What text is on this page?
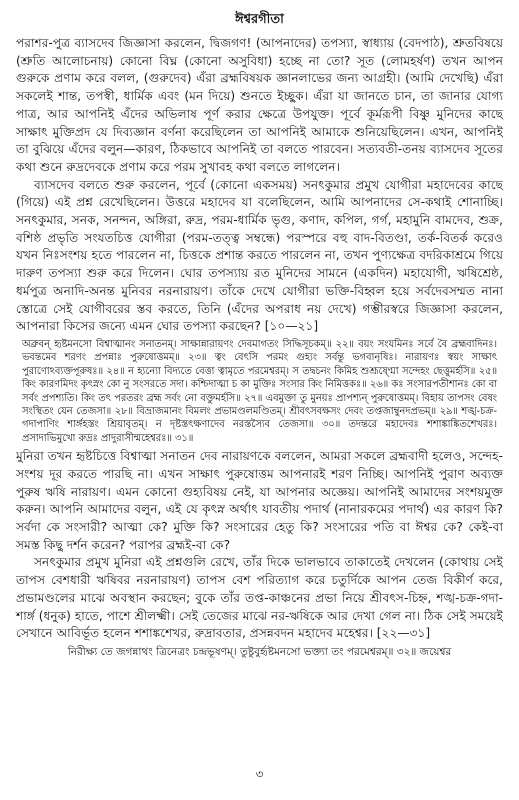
ঈশ্বরগীতা

পরাশর-পুত্র ব্যাসদেব জিজ্ঞাসা করলেন, দ্বিজগণ! (আপনাদের) তপস্যা, স্বাধ্যায় (বেদপাঠ), শ্রুতবিষয়ে (শ্রুতি আলোচনায়) কোনো বিঘ্ন (কোনো অসুবিধা) হচ্ছে না তো? সূত (লোমহর্ষণ) তখন আপন গুরুকে প্রণাম করে বলল, (গুরুদেব) এঁরা ব্রহ্মবিষয়ক জ্ঞানলাভের জন্য আগ্রহী। (আমি দেখেছি) এঁরা সকলেই শান্ত, তপস্বী, ধার্মিক এবং (মন দিয়ে) শুনতে ইচ্ছুক। এঁরা যা জানতে চান, তা জানার যোগ্য পাত্র, আর আপনিই এঁদের অভিলাষ পূর্ণ করার ক্ষেত্রে উপযুক্ত। পূর্বে কূর্মরূপী বিষ্ণু মুনিদের কাছে সাক্ষাৎ মুক্তিপ্রদ যে দিব্যজ্ঞান বর্ণনা করেছিলেন তা আপনিই আমাকে শুনিয়েছিলেন। এখন, আপনিই তা বুঝিয়ে এঁদের বলুন—কারণ, ঠিকভাবে আপনিই তা বলতে পারবেন। সত্যবতী-তনয় ব্যাসদেব সূতের কথা শুনে রুদ্রদেবকে প্রণাম করে পরম সুখাবহ কথা বলতে লাগলেন।

ব্যাসদেব বলতে শুরু করলেন, পূর্বে (কোনো একসময়) সনৎকুমার প্রমুখ যোগীরা মহাদেবের কাছে (গিয়ে) এই প্রশ্ন রেখেছিলেন। উত্তরে মহাদেব যা বলেছিলেন, আমি আপনাদের সে-কথাই শোনাচ্ছি। সনৎকুমার, সনক, সনন্দন, অঙ্গিরা, রুদ্র, পরম-ধার্মিক ভৃগু, কণাদ, কপিল, গর্গ, মহামুনি বামদেব, শুক্র, বশিষ্ঠ প্রভৃতি সংযতচিত্ত যোগীরা (পরম-তত্ত্ব সম্বন্ধে) পরস্পরে বহু বাদ-বিতণ্ডা, তর্ক-বিতর্ক করেও যখন নিঃসংশয় হতে পারলেন না, চিত্তকে প্রশান্ত করতে পারলেন না, তখন পুণ্যক্ষেত্র বদরিকাশ্রমে গিয়ে দারুণ তপস্যা শুরু করে দিলেন। ঘোর তপস্যায় রত মুনিদের সামনে (একদিন) মহাযোগী, ঋষিশ্রেষ্ঠ, ধর্মপুত্র অনাদি-অনন্ত মুনিবর নরনারায়ণ। তাঁকে দেখে যোগীরা ভক্তি-বিহ্বল হয়ে সর্বদেবসম্মত নানা স্তোত্রে সেই যোগীবরের স্তব করতে, তিনি (এঁদের অপরাধ নয় দেখে) গম্ভীরস্বরে জিজ্ঞাসা করলেন, আপনারা কিসের জন্যে এমন ঘোর তপস্যা করছেন? [১০—২১]

অব্রুবন্ হৃষ্টমনসো বিশ্বাত্মানং সনাতনম্। সাক্ষান্নারায়ণং দেবমাগতং সিদ্ধিসূচকম্॥ ২২॥ বয়ং সংযমিনঃ সর্বে বৈ ব্রহ্মবাদিনঃ। ভবন্তমেব শরণং প্রপন্নাঃ পুরুষোত্তমম্॥ ২৩॥ ত্বং বেৎসি পরমং গুহ্যং সর্বন্তু ভগবানৃষিঃ। নারায়ণঃ স্বয়ং সাক্ষাৎ পুরাণোঽব্যক্তপূরুষঃ॥ ২৪॥ ন হ্যন্যো বিদ্যতে বেত্তা ত্বামৃতে পরমেশ্বরম্। স তদ্বচনং কিমিহ শুশ্রূষ্ণ্মো সন্দেহং ছেত্তুমর্হসি॥ ২৫॥ কিং কারণমিদং কৃৎস্নং কো নু সংসরতে সদা। কশ্চিদাত্মা চ কা মুক্তিঃ সংসার কিং নিমিত্তকঃ॥ ২৬॥ কঃ সংসারপতীশানঃ কো বা সর্বং প্রপশ্যতি। কিং তৎ পরতরং ব্রহ্ম সর্বং নো বক্তুমর্হসি॥ ২৭॥ এবমুক্তা তু মুনয়ঃ প্রাপশ্যন্ পুরুষোত্তমম্। বিহায় তাপসং বেষং সংস্থিতং যেন তেজসা॥ ২৮॥ বিভ্রাজমানং বিমলং প্রভামণ্ডলমণ্ডিতম্। শ্রীবৎসবক্ষসং দেবং তপ্তজাম্বুনদপ্রভম্॥ ২৯॥ শঙ্খ-চক্র-গদাপাণিং শার্ঙ্গহস্তং শ্রিয়াবৃতম্। ন দৃষ্টস্তৎক্ষণাদেব নরস্তস্যৈব তেজসা॥ ৩০॥ তদন্তরে মহাদেবঃ শশাঙ্কাঙ্কিতশেখরঃ। প্রসাদাভিমুখো রুদ্রঃ প্রাদুরাসীন্মহেশ্বরঃ॥ ৩১॥

মুনিরা তখন হৃষ্টচিত্তে বিশ্বাত্মা সনাতন দেব নারায়ণকে বললেন, আমরা সকলে ব্রহ্মবাদী হলেও, সন্দেহ-সংশয় দূর করতে পারছি না। এখন সাক্ষাৎ পুরুষোত্তম আপনারই শরণ নিচ্ছি। আপনিই পুরাণ অব্যক্ত পুরুষ ঋষি নারায়ণ। এমন কোনো গুহ্যবিষয় নেই, যা আপনার অজ্ঞেয়। আপনিই আমাদের সংশয়মুক্ত করুন। আপনি আমাদের বলুন, এই যে কৃৎস্ন অর্থাৎ যাবতীয় পদার্থ (নানারকমের পদার্থ) এর কারণ কি? সর্বদা কে সংসারী? আত্মা কে? মুক্তি কি? সংসারের হেতু কি? সংসারের পতি বা ঈশ্বর কে? কেই-বা সমস্ত কিছু দর্শন করেন? পরাপর ব্রহ্মই-বা কে?

সনৎকুমার প্রমুখ মুনিরা এই প্রশ্নগুলি রেখে, তাঁর দিকে ভালভাবে তাকাতেই দেখলেন (কোথায় সেই তাপস বেশধারী ঋষিবর নরনারায়ণ) তাপস বেশ পরিত্যাগ করে চতুর্দিকে আপন তেজ বিকীর্ণ করে, প্রভামণ্ডলের মাঝে অবস্থান করছেন; বুকে তাঁর তপ্ত-কাঞ্চনের প্রভা নিয়ে শ্রীবৎস-চিহ্ন, শঙ্খ-চক্র-গদা-শার্ঙ্গ (ধনুক) হাতে, পাশে শ্রীলক্ষ্মী। সেই তেজের মাঝে নর-ঋষিকে আর দেখা গেল না। ঠিক সেই সময়েই সেখানে আবির্ভূত হলেন শশাঙ্কশেখর, রুদ্রাবতার, প্রসন্নবদন মহাদেব মহেশ্বর। [২২—৩১]

নিরীক্ষ্য তে জগন্নাথং ত্রিনেত্রং চন্দ্রভূষণম্। তুষ্টুবুর্হৃষ্টমনসো ভক্ত্যা তং পরমেশ্বরম্॥ ৩২॥ জয়েশ্বর
৩
